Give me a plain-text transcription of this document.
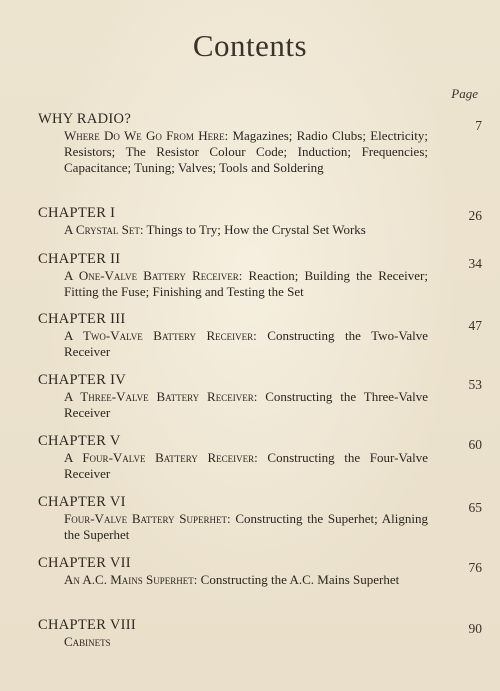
Contents
Page
WHY RADIO?
Where Do We Go From Here: Magazines; Radio Clubs; Electricity; Resistors; The Resistor Colour Code; Induction; Frequencies; Capacitance; Tuning; Valves; Tools and Soldering
7
CHAPTER I
A Crystal Set: Things to Try; How the Crystal Set Works
26
CHAPTER II
A One-Valve Battery Receiver: Reaction; Building the Receiver; Fitting the Fuse; Finishing and Testing the Set
34
CHAPTER III
A Two-Valve Battery Receiver: Constructing the Two-Valve Receiver
47
CHAPTER IV
A Three-Valve Battery Receiver: Constructing the Three-Valve Receiver
53
CHAPTER V
A Four-Valve Battery Receiver: Constructing the Four-Valve Receiver
60
CHAPTER VI
Four-Valve Battery Superhet: Constructing the Superhet; Aligning the Superhet
65
CHAPTER VII
An A.C. Mains Superhet: Constructing the A.C. Mains Superhet
76
CHAPTER VIII
Cabinets
90
